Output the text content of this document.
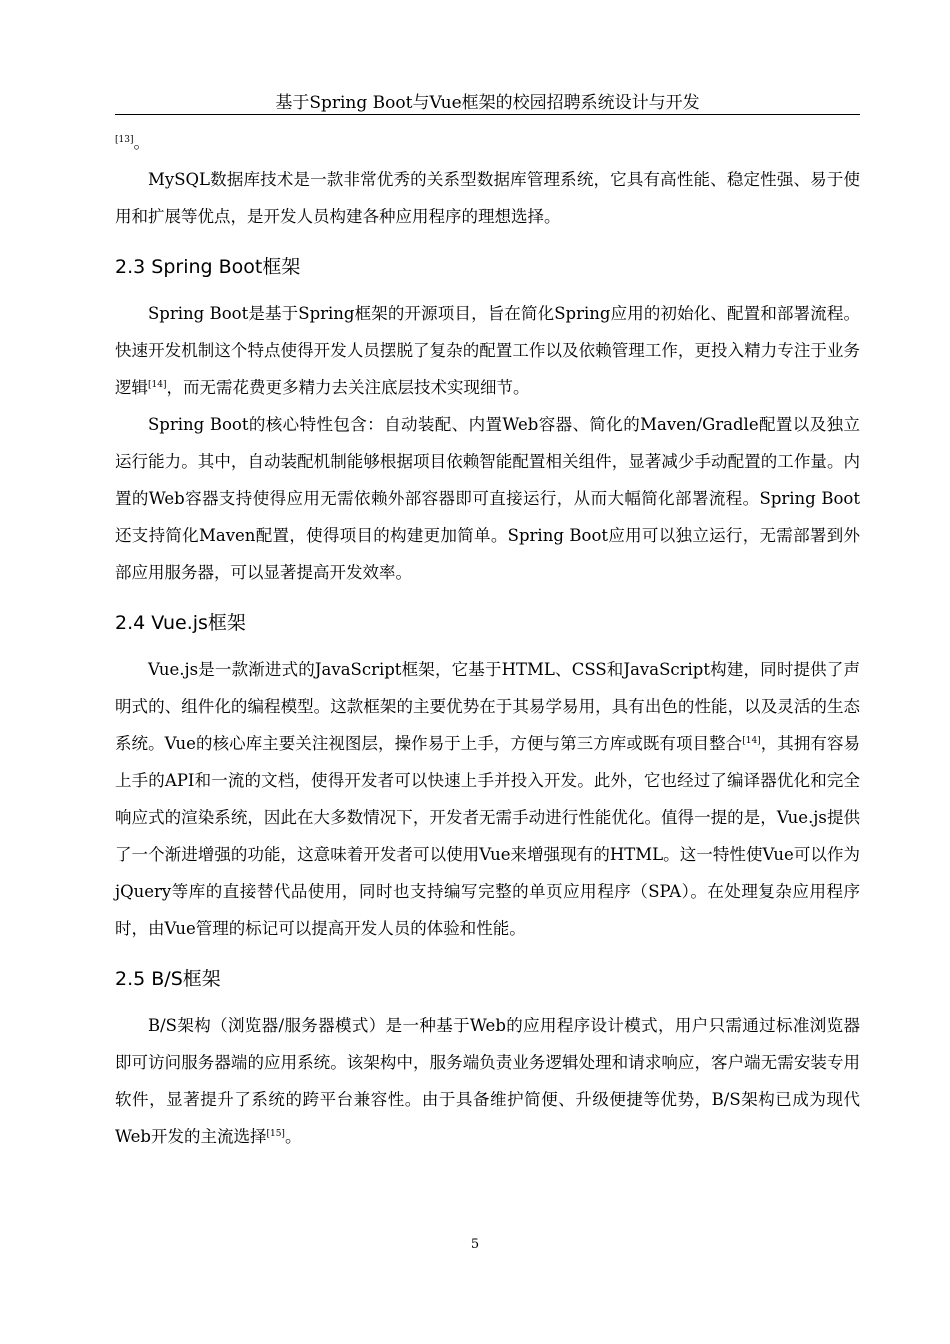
基于Spring Boot与Vue框架的校园招聘系统设计与开发
[13]。

MySQL数据库技术是一款非常优秀的关系型数据库管理系统，它具有高性能、稳定性强、易于使用和扩展等优点，是开发人员构建各种应用程序的理想选择。

2.3 Spring Boot框架

Spring Boot是基于Spring框架的开源项目，旨在简化Spring应用的初始化、配置和部署流程。快速开发机制这个特点使得开发人员摆脱了复杂的配置工作以及依赖管理工作，更投入精力专注于业务逻辑[14]，而无需花费更多精力去关注底层技术实现细节。

Spring Boot的核心特性包含：自动装配、内置Web容器、简化的Maven/Gradle配置以及独立运行能力。其中，自动装配机制能够根据项目依赖智能配置相关组件，显著减少手动配置的工作量。内置的Web容器支持使得应用无需依赖外部容器即可直接运行，从而大幅简化部署流程。Spring Boot还支持简化Maven配置，使得项目的构建更加简单。Spring Boot应用可以独立运行，无需部署到外部应用服务器，可以显著提高开发效率。

2.4 Vue.js框架

Vue.js是一款渐进式的JavaScript框架，它基于HTML、CSS和JavaScript构建，同时提供了声明式的、组件化的编程模型。这款框架的主要优势在于其易学易用，具有出色的性能，以及灵活的生态系统。Vue的核心库主要关注视图层，操作易于上手，方便与第三方库或既有项目整合[14]，其拥有容易上手的API和一流的文档，使得开发者可以快速上手并投入开发。此外，它也经过了编译器优化和完全响应式的渲染系统，因此在大多数情况下，开发者无需手动进行性能优化。值得一提的是，Vue.js提供了一个渐进增强的功能，这意味着开发者可以使用Vue来增强现有的HTML。这一特性使Vue可以作为jQuery等库的直接替代品使用，同时也支持编写完整的单页应用程序（SPA）。在处理复杂应用程序时，由Vue管理的标记可以提高开发人员的体验和性能。

2.5 B/S框架

B/S架构（浏览器/服务器模式）是一种基于Web的应用程序设计模式，用户只需通过标准浏览器即可访问服务器端的应用系统。该架构中，服务端负责业务逻辑处理和请求响应，客户端无需安装专用软件，显著提升了系统的跨平台兼容性。由于具备维护简便、升级便捷等优势，B/S架构已成为现代Web开发的主流选择[15]。

5
